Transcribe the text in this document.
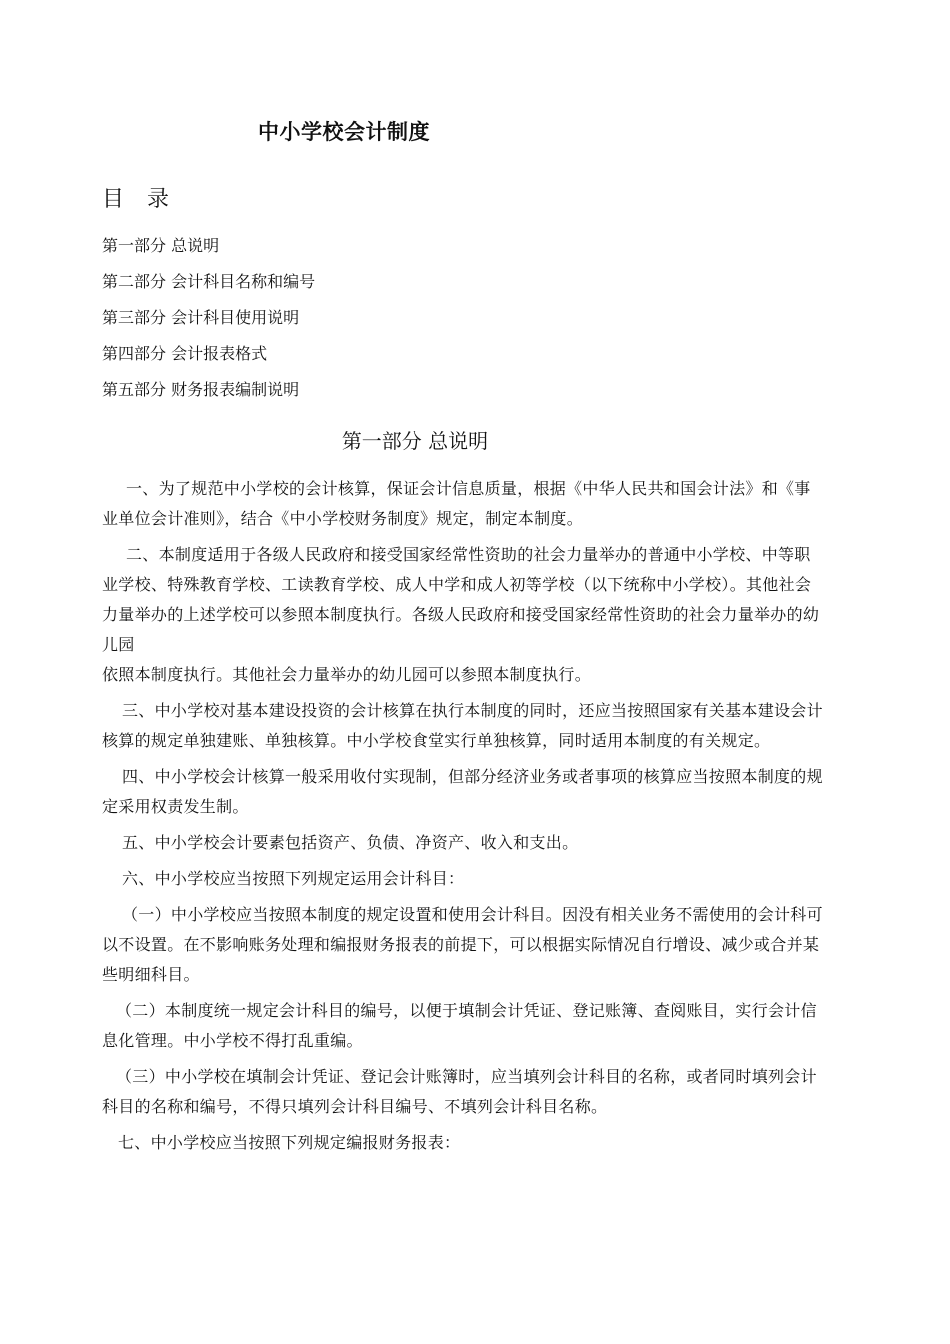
中小学校会计制度
目 录
第一部分 总说明
第二部分 会计科目名称和编号
第三部分 会计科目使用说明
第四部分 会计报表格式
第五部分 财务报表编制说明
第一部分 总说明

一、为了规范中小学校的会计核算，保证会计信息质量，根据《中华人民共和国会计法》和《事
业单位会计准则》，结合《中小学校财务制度》规定，制定本制度。

二、本制度适用于各级人民政府和接受国家经常性资助的社会力量举办的普通中小学校、中等职
业学校、特殊教育学校、工读教育学校、成人中学和成人初等学校（以下统称中小学校）。其他社会
力量举办的上述学校可以参照本制度执行。各级人民政府和接受国家经常性资助的社会力量举办的幼
儿园
依照本制度执行。其他社会力量举办的幼儿园可以参照本制度执行。

三、中小学校对基本建设投资的会计核算在执行本制度的同时，还应当按照国家有关基本建设会计
核算的规定单独建账、单独核算。中小学校食堂实行单独核算，同时适用本制度的有关规定。

四、中小学校会计核算一般采用收付实现制，但部分经济业务或者事项的核算应当按照本制度的规
定采用权责发生制。

五、中小学校会计要素包括资产、负债、净资产、收入和支出。

六、中小学校应当按照下列规定运用会计科目：

（一）中小学校应当按照本制度的规定设置和使用会计科目。因没有相关业务不需使用的会计科可
以不设置。在不影响账务处理和编报财务报表的前提下，可以根据实际情况自行增设、减少或合并某
些明细科目。

（二）本制度统一规定会计科目的编号，以便于填制会计凭证、登记账簿、查阅账目，实行会计信
息化管理。中小学校不得打乱重编。

（三）中小学校在填制会计凭证、登记会计账簿时，应当填列会计科目的名称，或者同时填列会计
科目的名称和编号，不得只填列会计科目编号、不填列会计科目名称。

七、中小学校应当按照下列规定编报财务报表：
